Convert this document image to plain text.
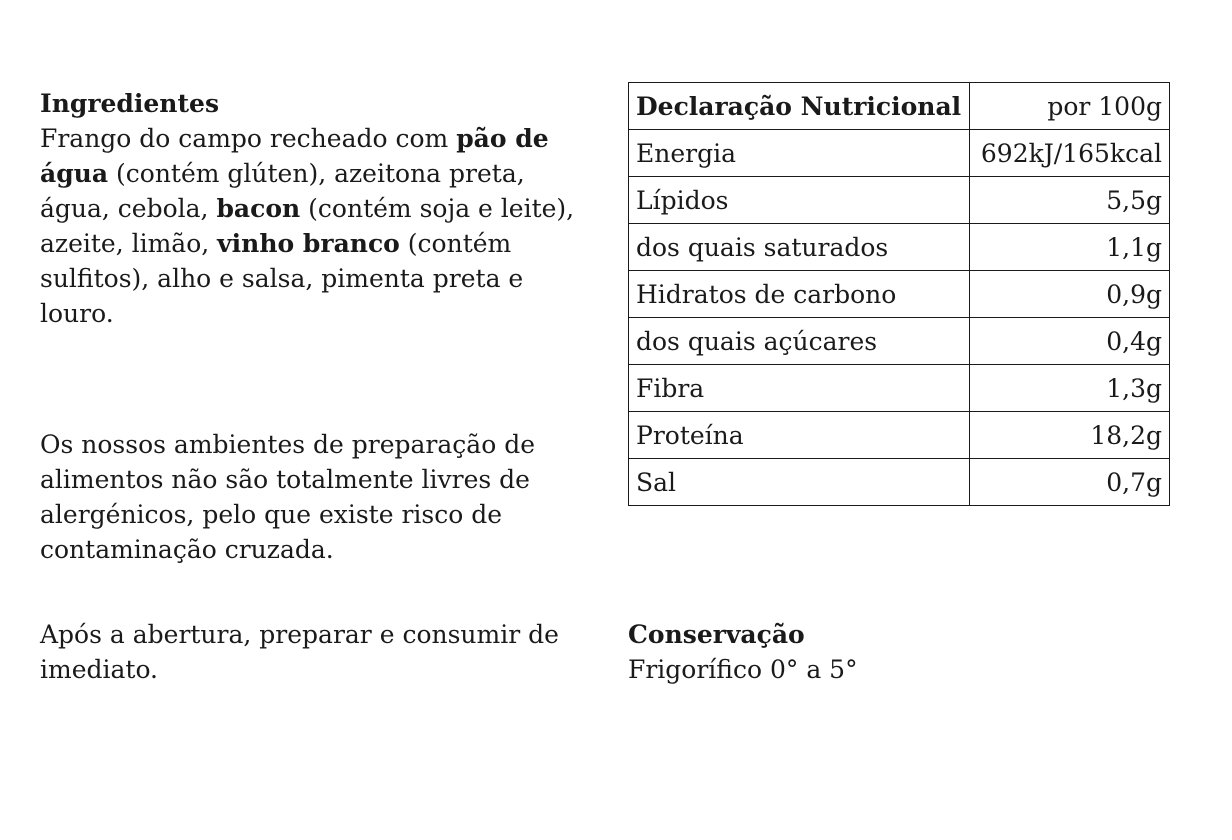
Ingredientes
Frango do campo recheado com pão de água (contém glúten), azeitona preta, água, cebola, bacon (contém soja e leite), azeite, limão, vinho branco (contém sulfitos), alho e salsa, pimenta preta e louro.
Os nossos ambientes de preparação de alimentos não são totalmente livres de alergénicos, pelo que existe risco de contaminação cruzada.
Após a abertura, preparar e consumir de imediato.
Declaração Nutricional	por 100g
Energia	692kJ/165kcal
Lípidos	5,5g
dos quais saturados	1,1g
Hidratos de carbono	0,9g
dos quais açúcares	0,4g
Fibra	1,3g
Proteína	18,2g
Sal	0,7g
Conservação
Frigorífico 0° a 5°
